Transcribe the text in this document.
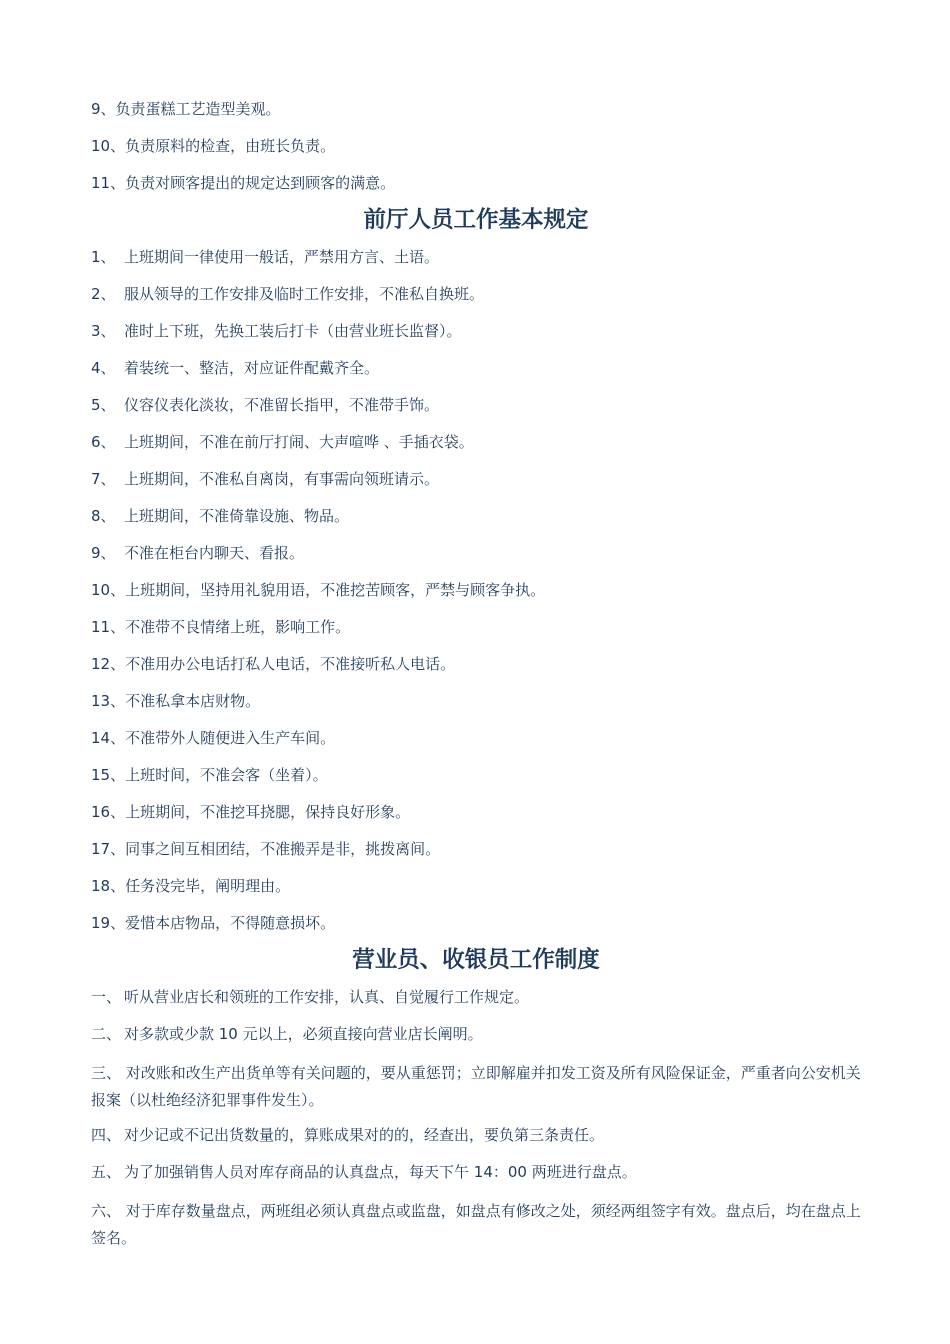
9、负责蛋糕工艺造型美观。

10、负责原料的检查，由班长负责。

11、负责对顾客提出的规定达到顾客的满意。

前厅人员工作基本规定

1、 上班期间一律使用一般话，严禁用方言、土语。

2、 服从领导的工作安排及临时工作安排，不准私自换班。

3、 准时上下班，先换工装后打卡（由营业班长监督）。

4、 着装统一、整洁，对应证件配戴齐全。

5、 仪容仪表化淡妆，不准留长指甲，不准带手饰。

6、 上班期间，不准在前厅打闹、大声喧哗 、手插衣袋。

7、 上班期间，不准私自离岗，有事需向领班请示。

8、 上班期间，不准倚靠设施、物品。

9、 不准在柜台内聊天、看报。

10、上班期间，坚持用礼貌用语，不准挖苦顾客，严禁与顾客争执。

11、不准带不良情绪上班，影响工作。

12、不准用办公电话打私人电话，不准接听私人电话。

13、不准私拿本店财物。

14、不准带外人随便进入生产车间。

15、上班时间，不准会客（坐着）。

16、上班期间，不准挖耳挠腮，保持良好形象。

17、同事之间互相团结，不准搬弄是非，挑拨离间。

18、任务没完毕，阐明理由。

19、爱惜本店物品，不得随意损坏。

营业员、收银员工作制度

一、 听从营业店长和领班的工作安排，认真、自觉履行工作规定。

二、 对多款或少款 10 元以上，必须直接向营业店长阐明。

三、 对改账和改生产出货单等有关问题的，要从重惩罚；立即解雇并扣发工资及所有风险保证金，严重者向公安机关报案（以杜绝经济犯罪事件发生）。

四、 对少记或不记出货数量的，算账成果对的的，经查出，要负第三条责任。

五、 为了加强销售人员对库存商品的认真盘点，每天下午 14：00 两班进行盘点。

六、 对于库存数量盘点，两班组必须认真盘点或监盘，如盘点有修改之处，须经两组签字有效。盘点后，均在盘点上签名。
